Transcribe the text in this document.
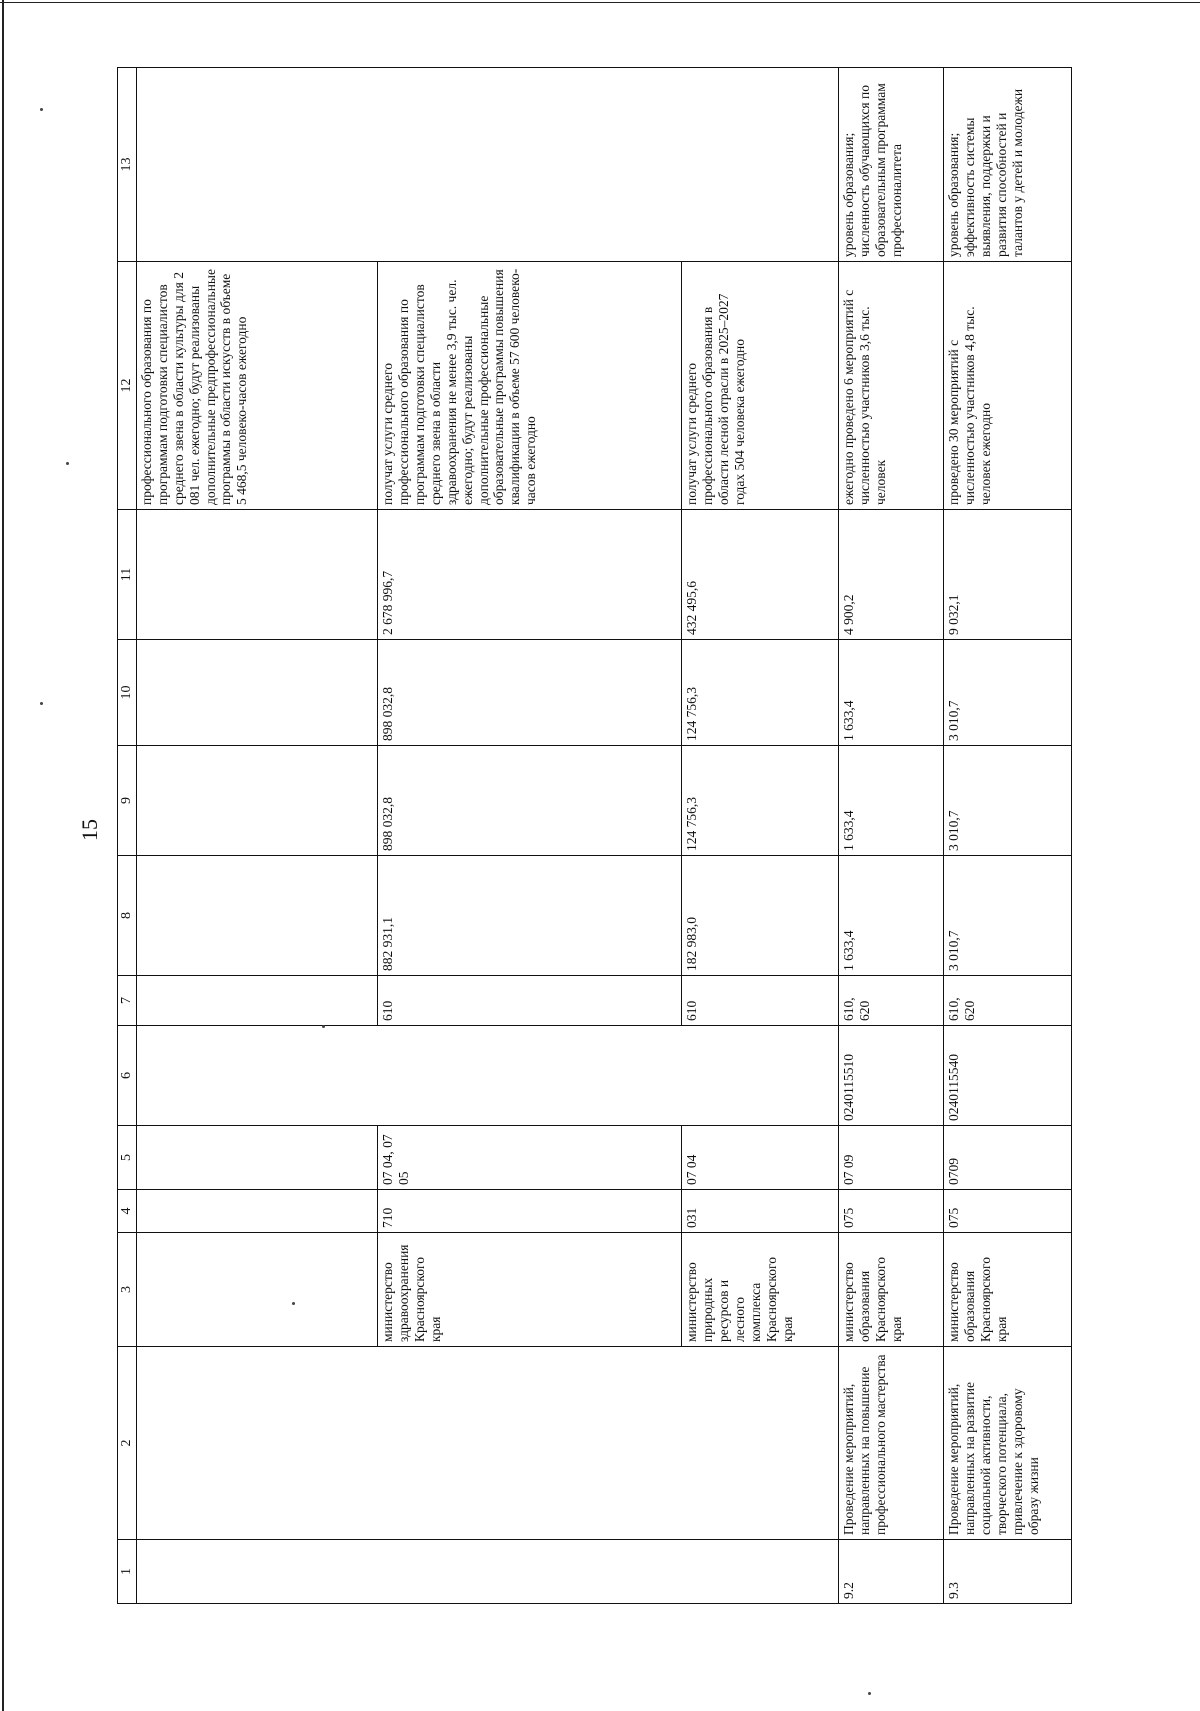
15
1	2	3	4	5	6	7	8	9	10	11	12	13
											профессионального образования по программам подготовки специалистов среднего звена в области культуры для 2 081 чел. ежегодно; будут реализованы дополнительные предпрофессиональные программы в области искусств в объеме 5 468,5 человеко-часов ежегодно	
		министерство здравоохранения Красноярского края	710	07 04, 07 05		610	882 931,1	898 032,8	898 032,8	2 678 996,7	получат услуги среднего профессионального образования по программам подготовки специалистов среднего звена в области здравоохранения не менее 3,9 тыс. чел. ежегодно; будут реализованы дополнительные профессиональные образовательные программы повышения квалификации в объеме 57 600 человеко-часов ежегодно	
		министерство природных ресурсов и лесного комплекса Красноярского края	031	07 04		610	182 983,0	124 756,3	124 756,3	432 495,6	получат услуги среднего профессионального образования в области лесной отрасли в 2025–2027 годах 504 человека ежегодно	
9.2	Проведение мероприятий, направленных на повышение профессионального мастерства	министерство образования Красноярского края	075	07 09	0240115510	610, 620	1 633,4	1 633,4	1 633,4	4 900,2	ежегодно проведено 6 мероприятий с численностью участников 3,6 тыс. человек	уровень образования; численность обучающихся по образовательным программам профессионалитета
9.3	Проведение мероприятий, направленных на развитие социальной активности, творческого потенциала, привлечение к здоровому образу жизни	министерство образования Красноярского края	075	0709	0240115540	610, 620	3 010,7	3 010,7	3 010,7	9 032,1	проведено 30 мероприятий с численностью участников 4,8 тыс. человек ежегодно	уровень образования; эффективность системы выявления, поддержки и развития способностей и талантов у детей и молодежи
